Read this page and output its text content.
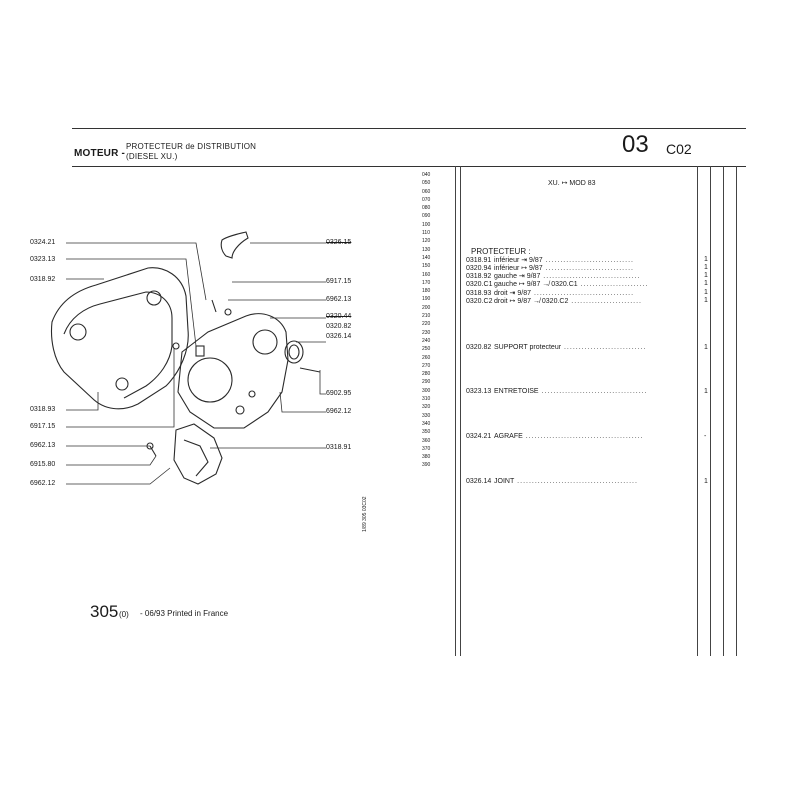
MOTEUR -
PROTECTEUR de DISTRIBUTION
(DIESEL XU.)	03 C02
040
050
060
070
080
090
100
110
120
130
140
150
160
170
180
190
200
210
220
230
240
250
260
270
280
290
300
310
320
330
340
350
360
370
380
390
XU. ↦ MOD 83
PROTECTEUR :
0318.91 inférieur ⇥ 9/87 ..............................	1
0320.94 inférieur ↦ 9/87 ..............................	1
0318.92 gauche ⇥ 9/87 .................................	1
0320.C1 gauche ↦ 9/87 ↛ 0320.C1 .......................	1
0318.93 droit ⇥ 9/87 ..................................	1
0320.C2 droit ↦ 9/87 ↛ 0320.C2 ........................	1
0320.82 SUPPORT protecteur ............................	1
0323.13 ENTRETOISE ....................................	1
0324.21 AGRAFE ........................................	-
0326.14 JOINT .........................................	1
0324.21
0323.13
0318.92
0318.93
6917.15
6962.13
6915.80
6962.12
0326.15
6917.15
6962.13
0320.44
0320.82
0326.14
6902.95
6962.12
0318.91
305 (0) - 06/93 Printed in France
1/89 305 03C02
